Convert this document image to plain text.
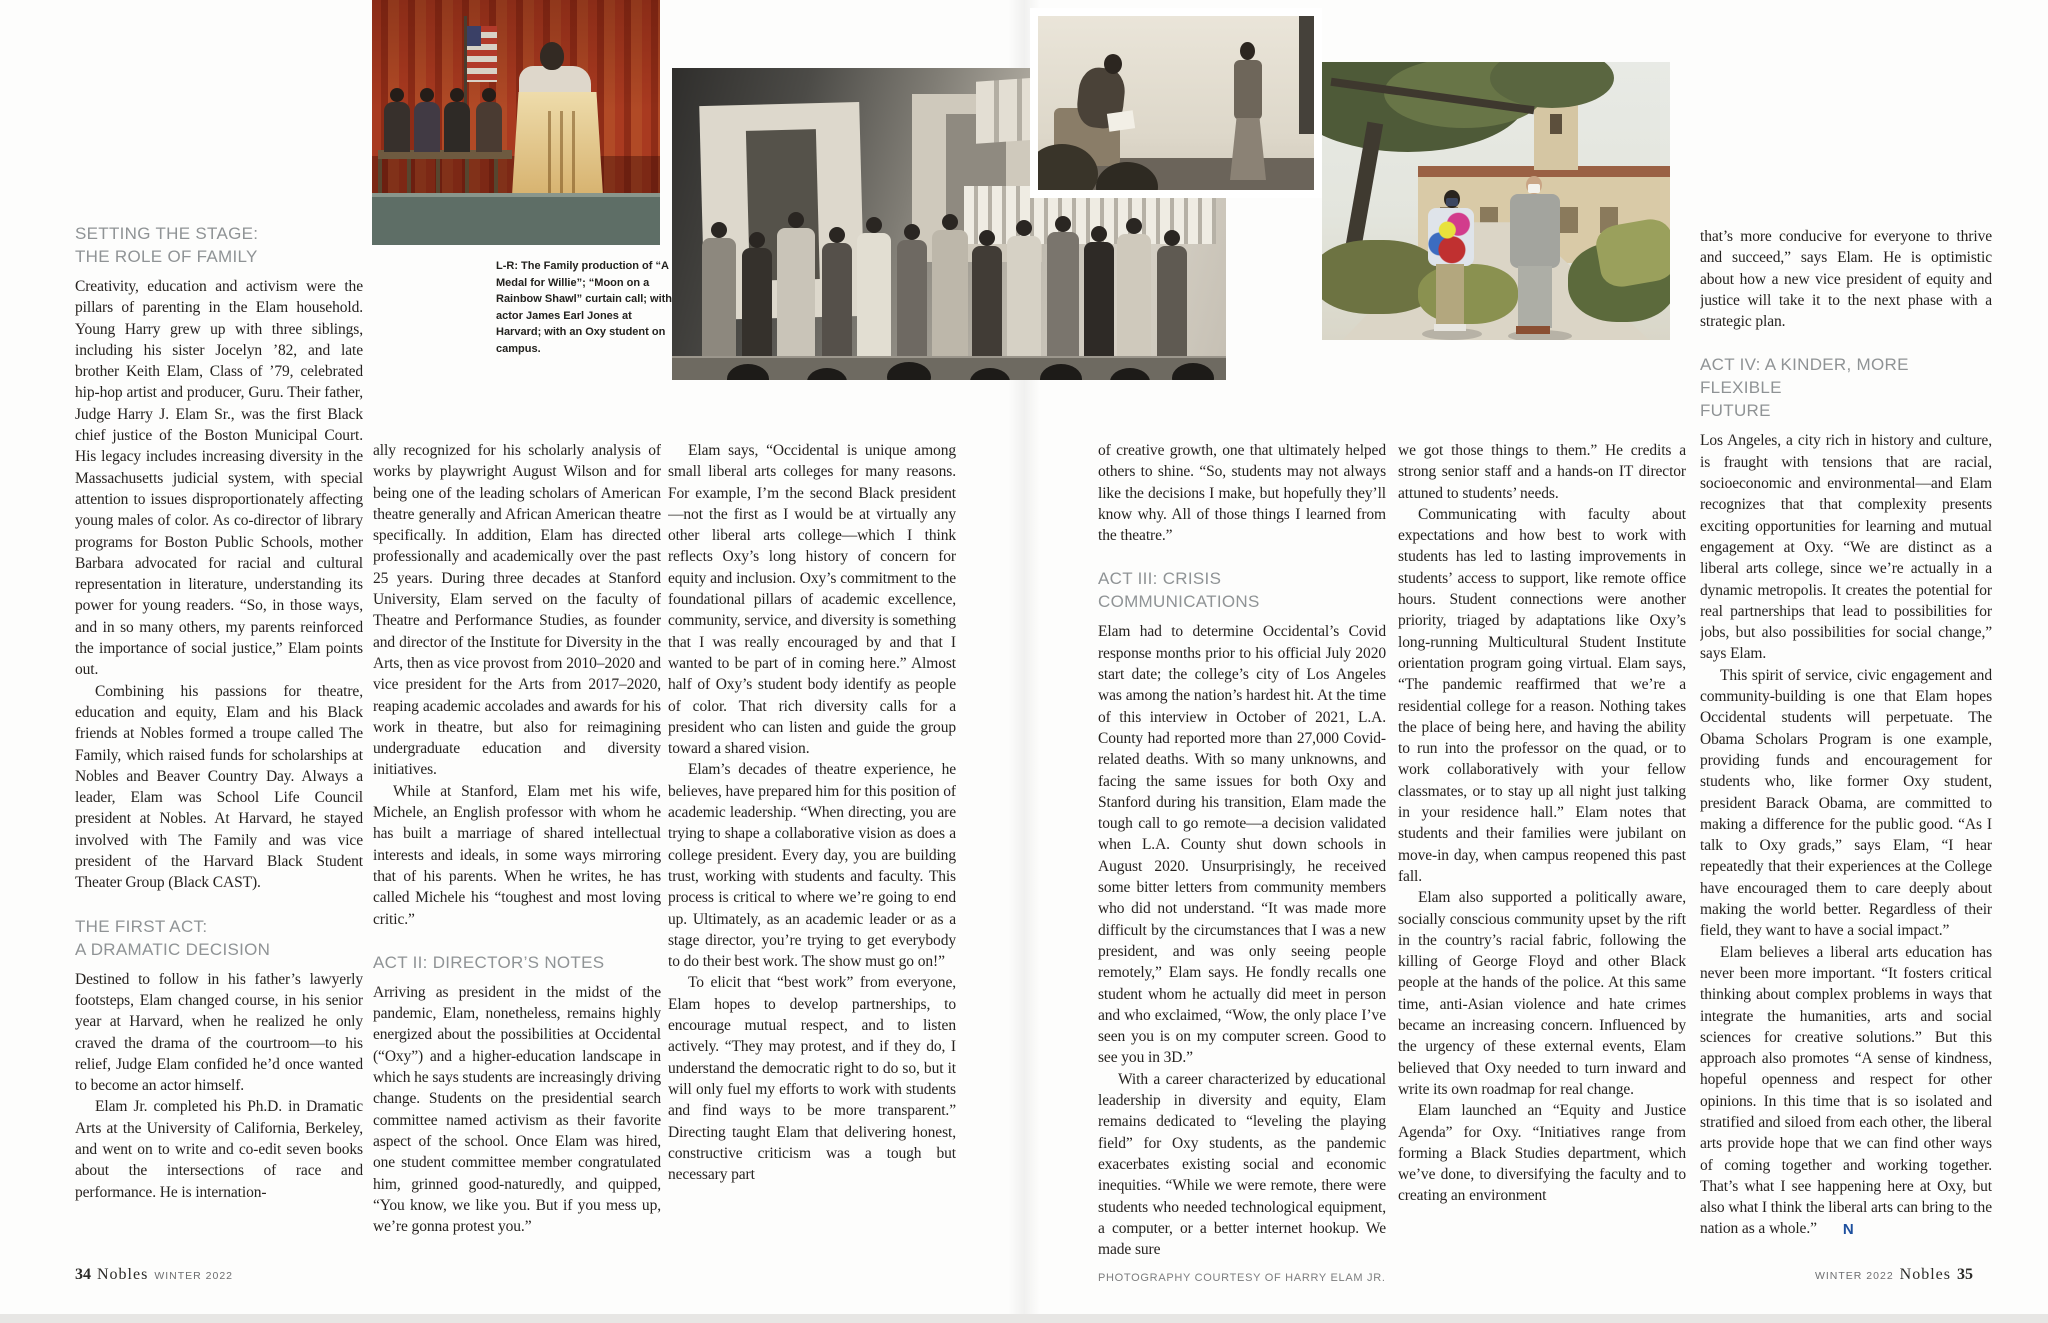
L-R: The Family production of “A Medal for Willie”; “Moon on a Rainbow Shawl” curtain call; with actor James Earl Jones at Harvard; with an Oxy student on campus.
SETTING THE STAGE:
THE ROLE OF FAMILY

Creativity, education and activism were the pillars of parenting in the Elam household. Young Harry grew up with three siblings, including his sister Jocelyn ’82, and late brother Keith Elam, Class of ’79, celebrated hip-hop artist and producer, Guru. Their father, Judge Harry J. Elam Sr., was the first Black chief justice of the Boston Municipal Court. His legacy includes increasing diversity in the Massachusetts judicial system, with special attention to issues disproportionately affecting young males of color. As co-director of library programs for Boston Public Schools, mother Barbara advocated for racial and cultural representation in literature, understanding its power for young readers. “So, in those ways, and in so many others, my parents reinforced the importance of social justice,” Elam points out.

Combining his passions for theatre, education and equity, Elam and his Black friends at Nobles formed a troupe called The Family, which raised funds for scholarships at Nobles and Beaver Country Day. Always a leader, Elam was School Life Council president at Nobles. At Harvard, he stayed involved with The Family and was vice president of the Harvard Black Student Theater Group (Black CAST).

THE FIRST ACT:
A DRAMATIC DECISION

Destined to follow in his father’s lawyerly footsteps, Elam changed course, in his senior year at Harvard, when he realized he only craved the drama of the courtroom—to his relief, Judge Elam confided he’d once wanted to become an actor himself.

Elam Jr. completed his Ph.D. in Dramatic Arts at the University of California, Berkeley, and went on to write and co-edit seven books about the intersections of race and performance. He is internation-

ally recognized for his scholarly analysis of works by playwright August Wilson and for being one of the leading scholars of American theatre generally and African American theatre specifically. In addition, Elam has directed professionally and academically over the past 25 years. During three decades at Stanford University, Elam served on the faculty of Theatre and Performance Studies, as founder and director of the Institute for Diversity in the Arts, then as vice provost from 2010–2020 and vice president for the Arts from 2017–2020, reaping academic accolades and awards for his work in theatre, but also for reimagining undergraduate education and diversity initiatives.

While at Stanford, Elam met his wife, Michele, an English professor with whom he has built a marriage of shared intellectual interests and ideals, in some ways mirroring that of his parents. When he writes, he has called Michele his “toughest and most loving critic.”

ACT II: DIRECTOR’S NOTES

Arriving as president in the midst of the pandemic, Elam, nonetheless, remains highly energized about the possibilities at Occidental (“Oxy”) and a higher-education landscape in which he says students are increasingly driving change. Students on the presidential search committee named activism as their favorite aspect of the school. Once Elam was hired, one student committee member congratulated him, grinned good-naturedly, and quipped, “You know, we like you. But if you mess up, we’re gonna protest you.”

Elam says, “Occidental is unique among small liberal arts colleges for many reasons. For example, I’m the second Black president—not the first as I would be at virtually any other liberal arts college—which I think reflects Oxy’s long history of concern for equity and inclusion. Oxy’s commitment to the foundational pillars of academic excellence, community, service, and diversity is something that I was really encouraged by and that I wanted to be part of in coming here.” Almost half of Oxy’s student body identify as people of color. That rich diversity calls for a president who can listen and guide the group toward a shared vision.

Elam’s decades of theatre experience, he believes, have prepared him for this position of academic leadership. “When directing, you are trying to shape a collaborative vision as does a college president. Every day, you are building trust, working with students and faculty. This process is critical to where we’re going to end up. Ultimately, as an academic leader or as a stage director, you’re trying to get everybody to do their best work. The show must go on!”

To elicit that “best work” from everyone, Elam hopes to develop partnerships, to encourage mutual respect, and to listen actively. “They may protest, and if they do, I understand the democratic right to do so, but it will only fuel my efforts to work with students and find ways to be more transparent.” Directing taught Elam that delivering honest, constructive criticism was a tough but necessary part

of creative growth, one that ultimately helped others to shine. “So, students may not always like the decisions I make, but hopefully they’ll know why. All of those things I learned from the theatre.”

ACT III: CRISIS COMMUNICATIONS

Elam had to determine Occidental’s Covid response months prior to his official July 2020 start date; the college’s city of Los Angeles was among the nation’s hardest hit. At the time of this interview in October of 2021, L.A. County had reported more than 27,000 Covid-related deaths. With so many unknowns, and facing the same issues for both Oxy and Stanford during his transition, Elam made the tough call to go remote—a decision validated when L.A. County shut down schools in August 2020. Unsurprisingly, he received some bitter letters from community members who did not understand. “It was made more difficult by the circumstances that I was a new president, and was only seeing people remotely,” Elam says. He fondly recalls one student whom he actually did meet in person and who exclaimed, “Wow, the only place I’ve seen you is on my computer screen. Good to see you in 3D.”

With a career characterized by educational leadership in diversity and equity, Elam remains dedicated to “leveling the playing field” for Oxy students, as the pandemic exacerbates existing social and economic inequities. “While we were remote, there were students who needed technological equipment, a computer, or a better internet hookup. We made sure

we got those things to them.” He credits a strong senior staff and a hands-on IT director attuned to students’ needs.

Communicating with faculty about expectations and how best to work with students has led to lasting improvements in students’ access to support, like remote office hours. Student connections were another priority, triaged by adaptations like Oxy’s long-running Multicultural Student Institute orientation program going virtual. Elam says, “The pandemic reaffirmed that we’re a residential college for a reason. Nothing takes the place of being here, and having the ability to run into the professor on the quad, or to work collaboratively with your fellow classmates, or to stay up all night just talking in your residence hall.” Elam notes that students and their families were jubilant on move-in day, when campus reopened this past fall.

Elam also supported a politically aware, socially conscious community upset by the rift in the country’s racial fabric, following the killing of George Floyd and other Black people at the hands of the police. At this same time, anti-Asian violence and hate crimes became an increasing concern. Influenced by the urgency of these external events, Elam believed that Oxy needed to turn inward and write its own roadmap for real change.

Elam launched an “Equity and Justice Agenda” for Oxy. “Initiatives range from forming a Black Studies department, which we’ve done, to diversifying the faculty and to creating an environment

that’s more conducive for everyone to thrive and succeed,” says Elam. He is optimistic about how a new vice president of equity and justice will take it to the next phase with a strategic plan.

ACT IV: A KINDER, MORE FLEXIBLE
FUTURE

Los Angeles, a city rich in history and culture, is fraught with tensions that are racial, socioeconomic and environmental—and Elam recognizes that that complexity presents exciting opportunities for learning and mutual engagement at Oxy. “We are distinct as a liberal arts college, since we’re actually in a dynamic metropolis. It creates the potential for real partnerships that lead to possibilities for jobs, but also possibilities for social change,” says Elam.

This spirit of service, civic engagement and community-building is one that Elam hopes Occidental students will perpetuate. The Obama Scholars Program is one example, providing funds and encouragement for students who, like former Oxy student, president Barack Obama, are committed to making a difference for the public good. “As I talk to Oxy grads,” says Elam, “I hear repeatedly that their experiences at the College have encouraged them to care deeply about making the world better. Regardless of their field, they want to have a social impact.”

Elam believes a liberal arts education has never been more important. “It fosters critical thinking about complex problems in ways that integrate the humanities, arts and social sciences for creative solutions.” But this approach also promotes “A sense of kindness, hopeful openness and respect for other opinions. In this time that is so isolated and stratified and siloed from each other, the liberal arts provide hope that we can find other ways of coming together and working together. That’s what I see happening here at Oxy, but also what I think the liberal arts can bring to the nation as a whole.” N

34 Nobles WINTER 2022	PHOTOGRAPHY COURTESY OF HARRY ELAM JR.	WINTER 2022 Nobles 35
